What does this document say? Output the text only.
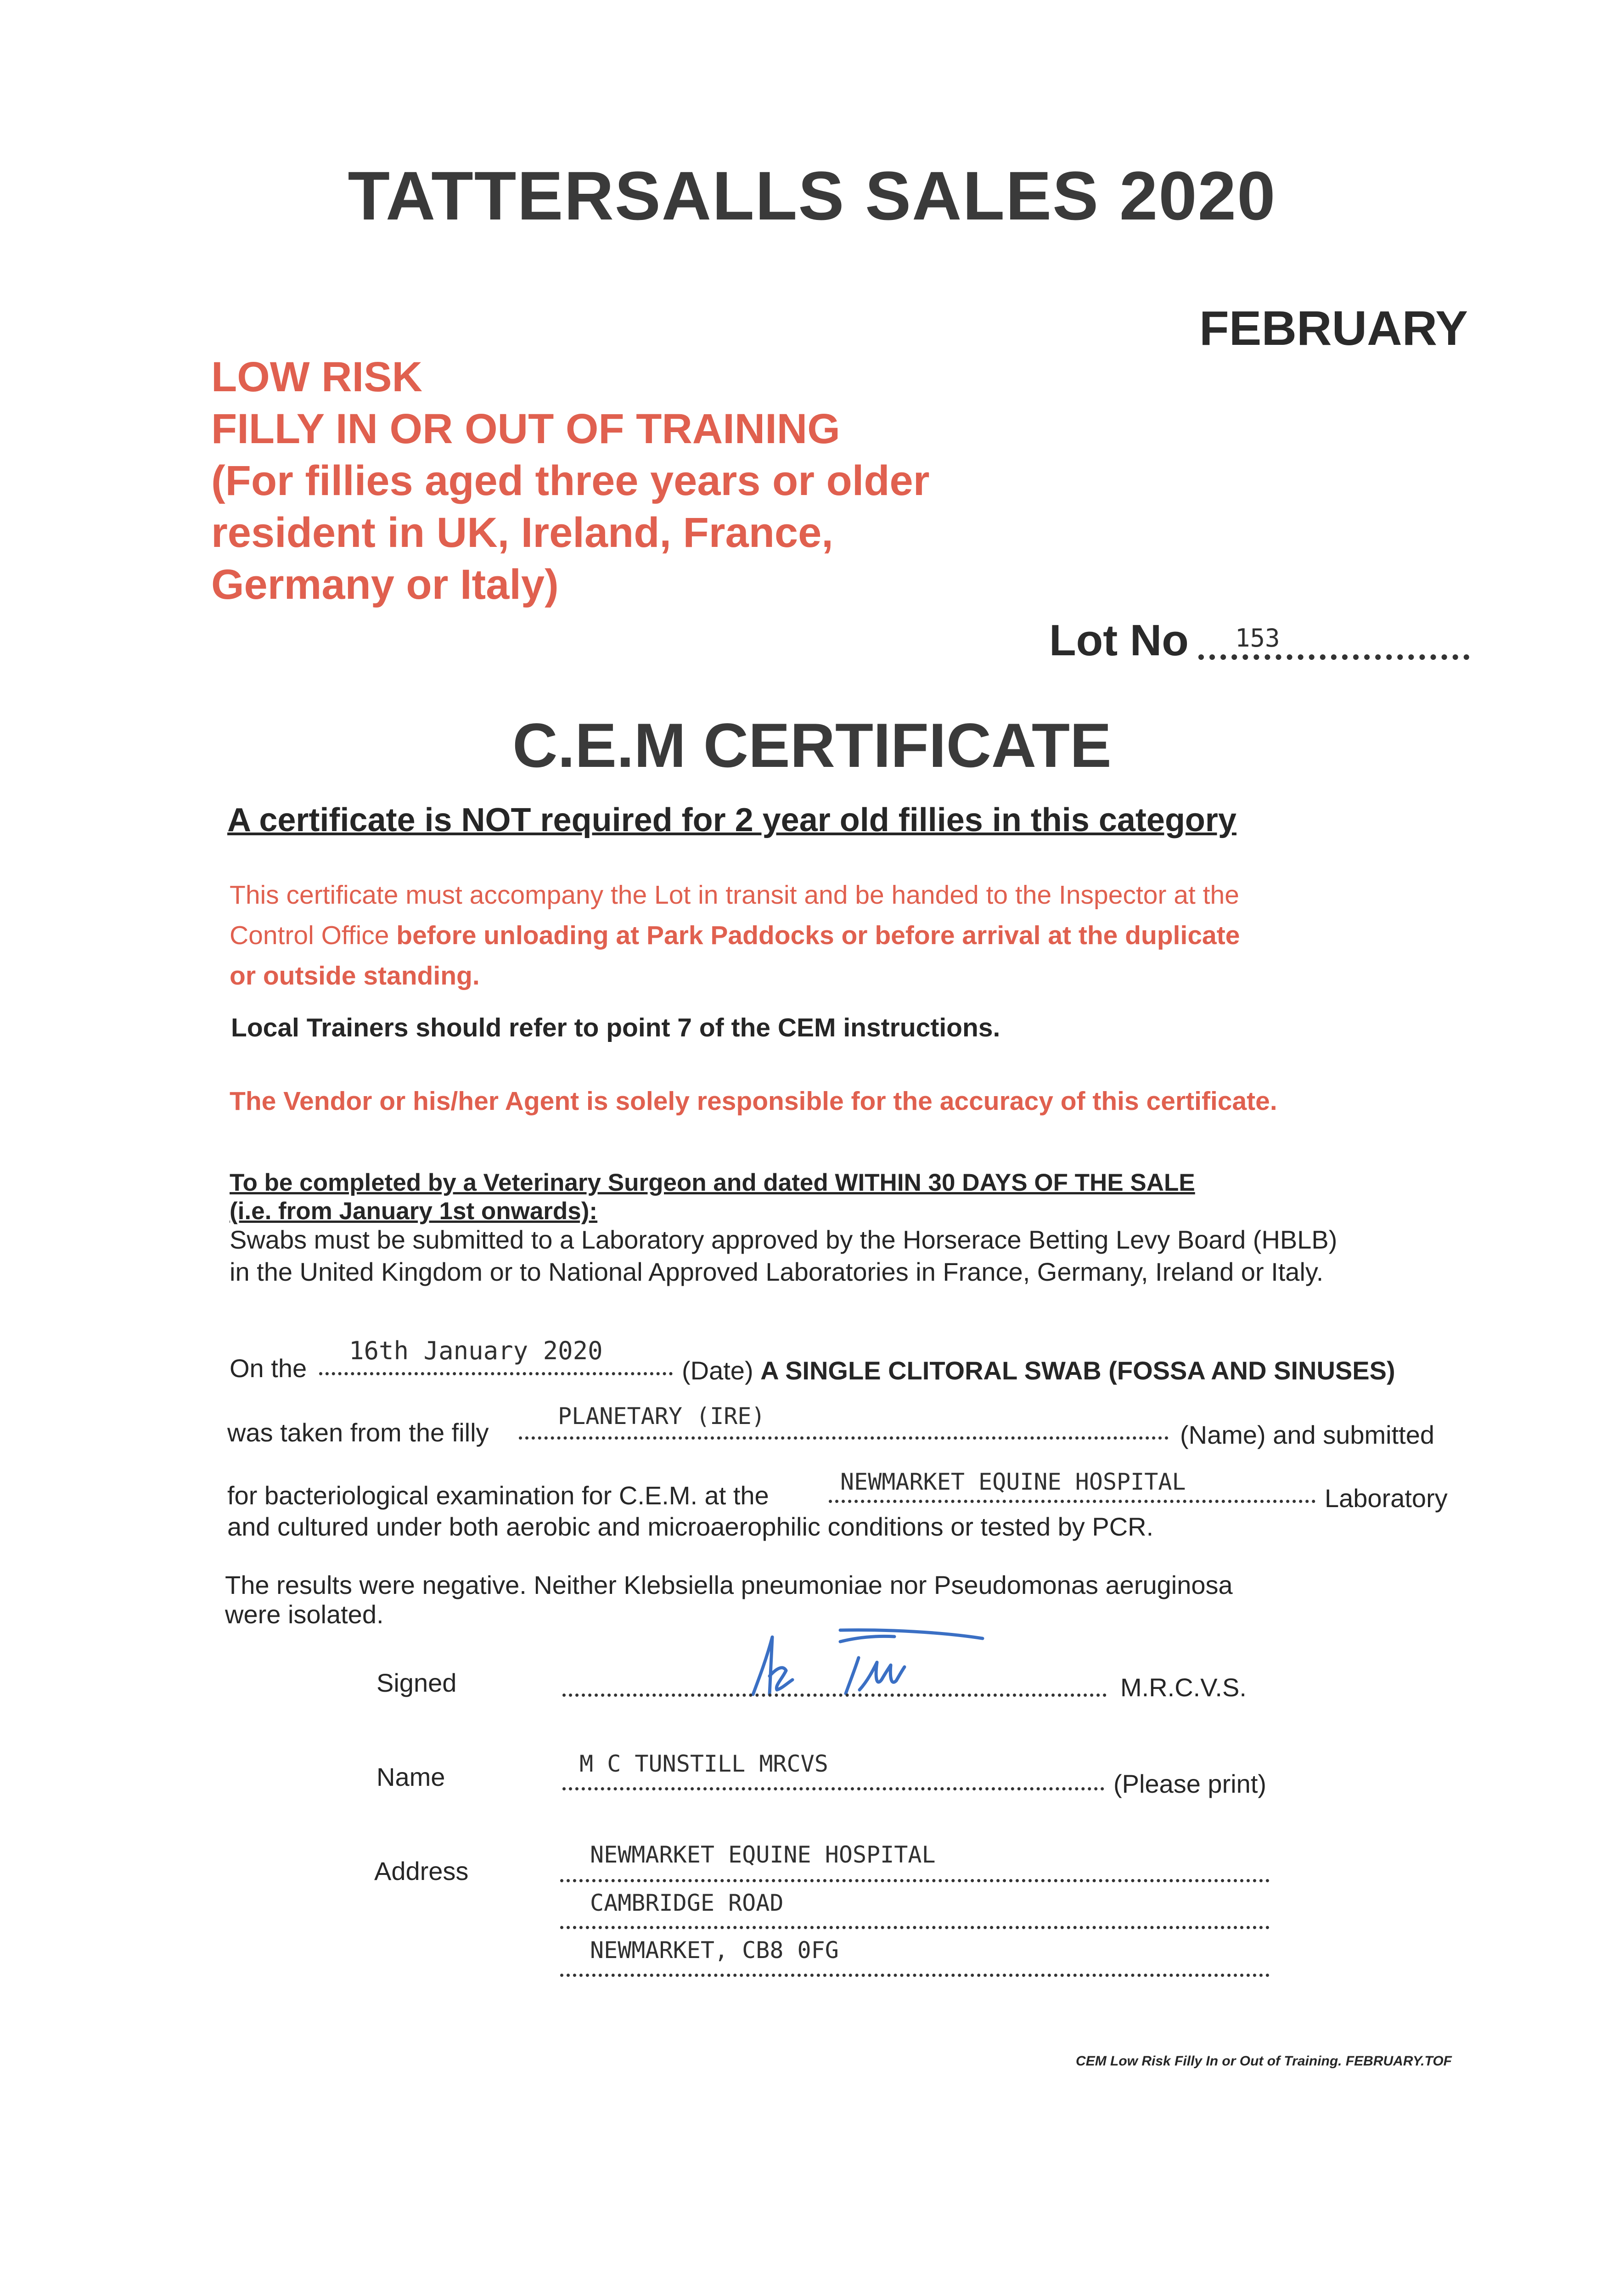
TATTERSALLS SALES 2020
FEBRUARY
LOW RISK
FILLY IN OR OUT OF TRAINING
(For fillies aged three years or older
resident in UK, Ireland, France,
Germany or Italy)
Lot No 153
C.E.M CERTIFICATE
A certificate is NOT required for 2 year old fillies in this category
This certificate must accompany the Lot in transit and be handed to the Inspector at the
Control Office before unloading at Park Paddocks or before arrival at the duplicate
or outside standing.
Local Trainers should refer to point 7 of the CEM instructions.
The Vendor or his/her Agent is solely responsible for the accuracy of this certificate.
To be completed by a Veterinary Surgeon and dated WITHIN 30 DAYS OF THE SALE
(i.e. from January 1st onwards):
Swabs must be submitted to a Laboratory approved by the Horserace Betting Levy Board (HBLB)
in the United Kingdom or to National Approved Laboratories in France, Germany, Ireland or Italy.
On the
16th January 2020
(Date) A SINGLE CLITORAL SWAB (FOSSA AND SINUSES)
was taken from the filly
PLANETARY (IRE)
(Name) and submitted
for bacteriological examination for C.E.M. at the	NEWMARKET EQUINE HOSPITAL
Laboratory
and cultured under both aerobic and microaerophilic conditions or tested by PCR.
The results were negative. Neither Klebsiella pneumoniae nor Pseudomonas aeruginosa
were isolated.
Signed	M.R.C.V.S.
Name	M C TUNSTILL MRCVS
(Please print)
Address
NEWMARKET EQUINE HOSPITAL
CAMBRIDGE ROAD
NEWMARKET, CB8 0FG
CEM Low Risk Filly In or Out of Training. FEBRUARY.TOF
